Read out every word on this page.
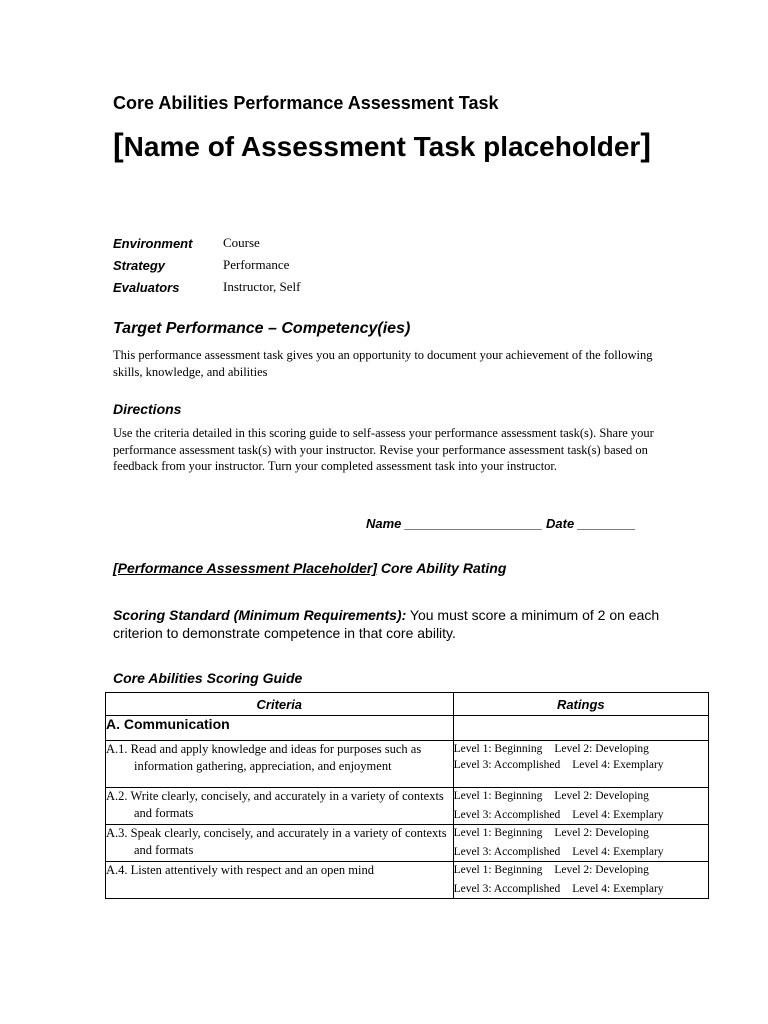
Core Abilities Performance Assessment Task
[Name of Assessment Task placeholder]
Environment	Course
Strategy	Performance
Evaluators	Instructor, Self
Target Performance – Competency(ies)
This performance assessment task gives you an opportunity to document your achievement of the following skills, knowledge, and abilities
Directions
Use the criteria detailed in this scoring guide to self-assess your performance assessment task(s). Share your performance assessment task(s) with your instructor. Revise your performance assessment task(s) based on feedback from your instructor. Turn your completed assessment task into your instructor.
Name ___________________ Date ________
[Performance Assessment Placeholder] Core Ability Rating
Scoring Standard (Minimum Requirements): You must score a minimum of 2 on each criterion to demonstrate competence in that core ability.
Core Abilities Scoring Guide
Criteria	Ratings
A. Communication	

A.1. Read and apply knowledge and ideas for purposes such as information gathering, appreciation, and enjoyment	Level 1: Beginning Level 2: Developing
Level 3: Accomplished Level 4: Exemplary

A.2. Write clearly, concisely, and accurately in a variety of contexts and formats	Level 1: Beginning Level 2: Developing
Level 3: Accomplished Level 4: Exemplary

A.3. Speak clearly, concisely, and accurately in a variety of contexts and formats	Level 1: Beginning Level 2: Developing
Level 3: Accomplished Level 4: Exemplary

A.4. Listen attentively with respect and an open mind	Level 1: Beginning Level 2: Developing
Level 3: Accomplished Level 4: Exemplary
